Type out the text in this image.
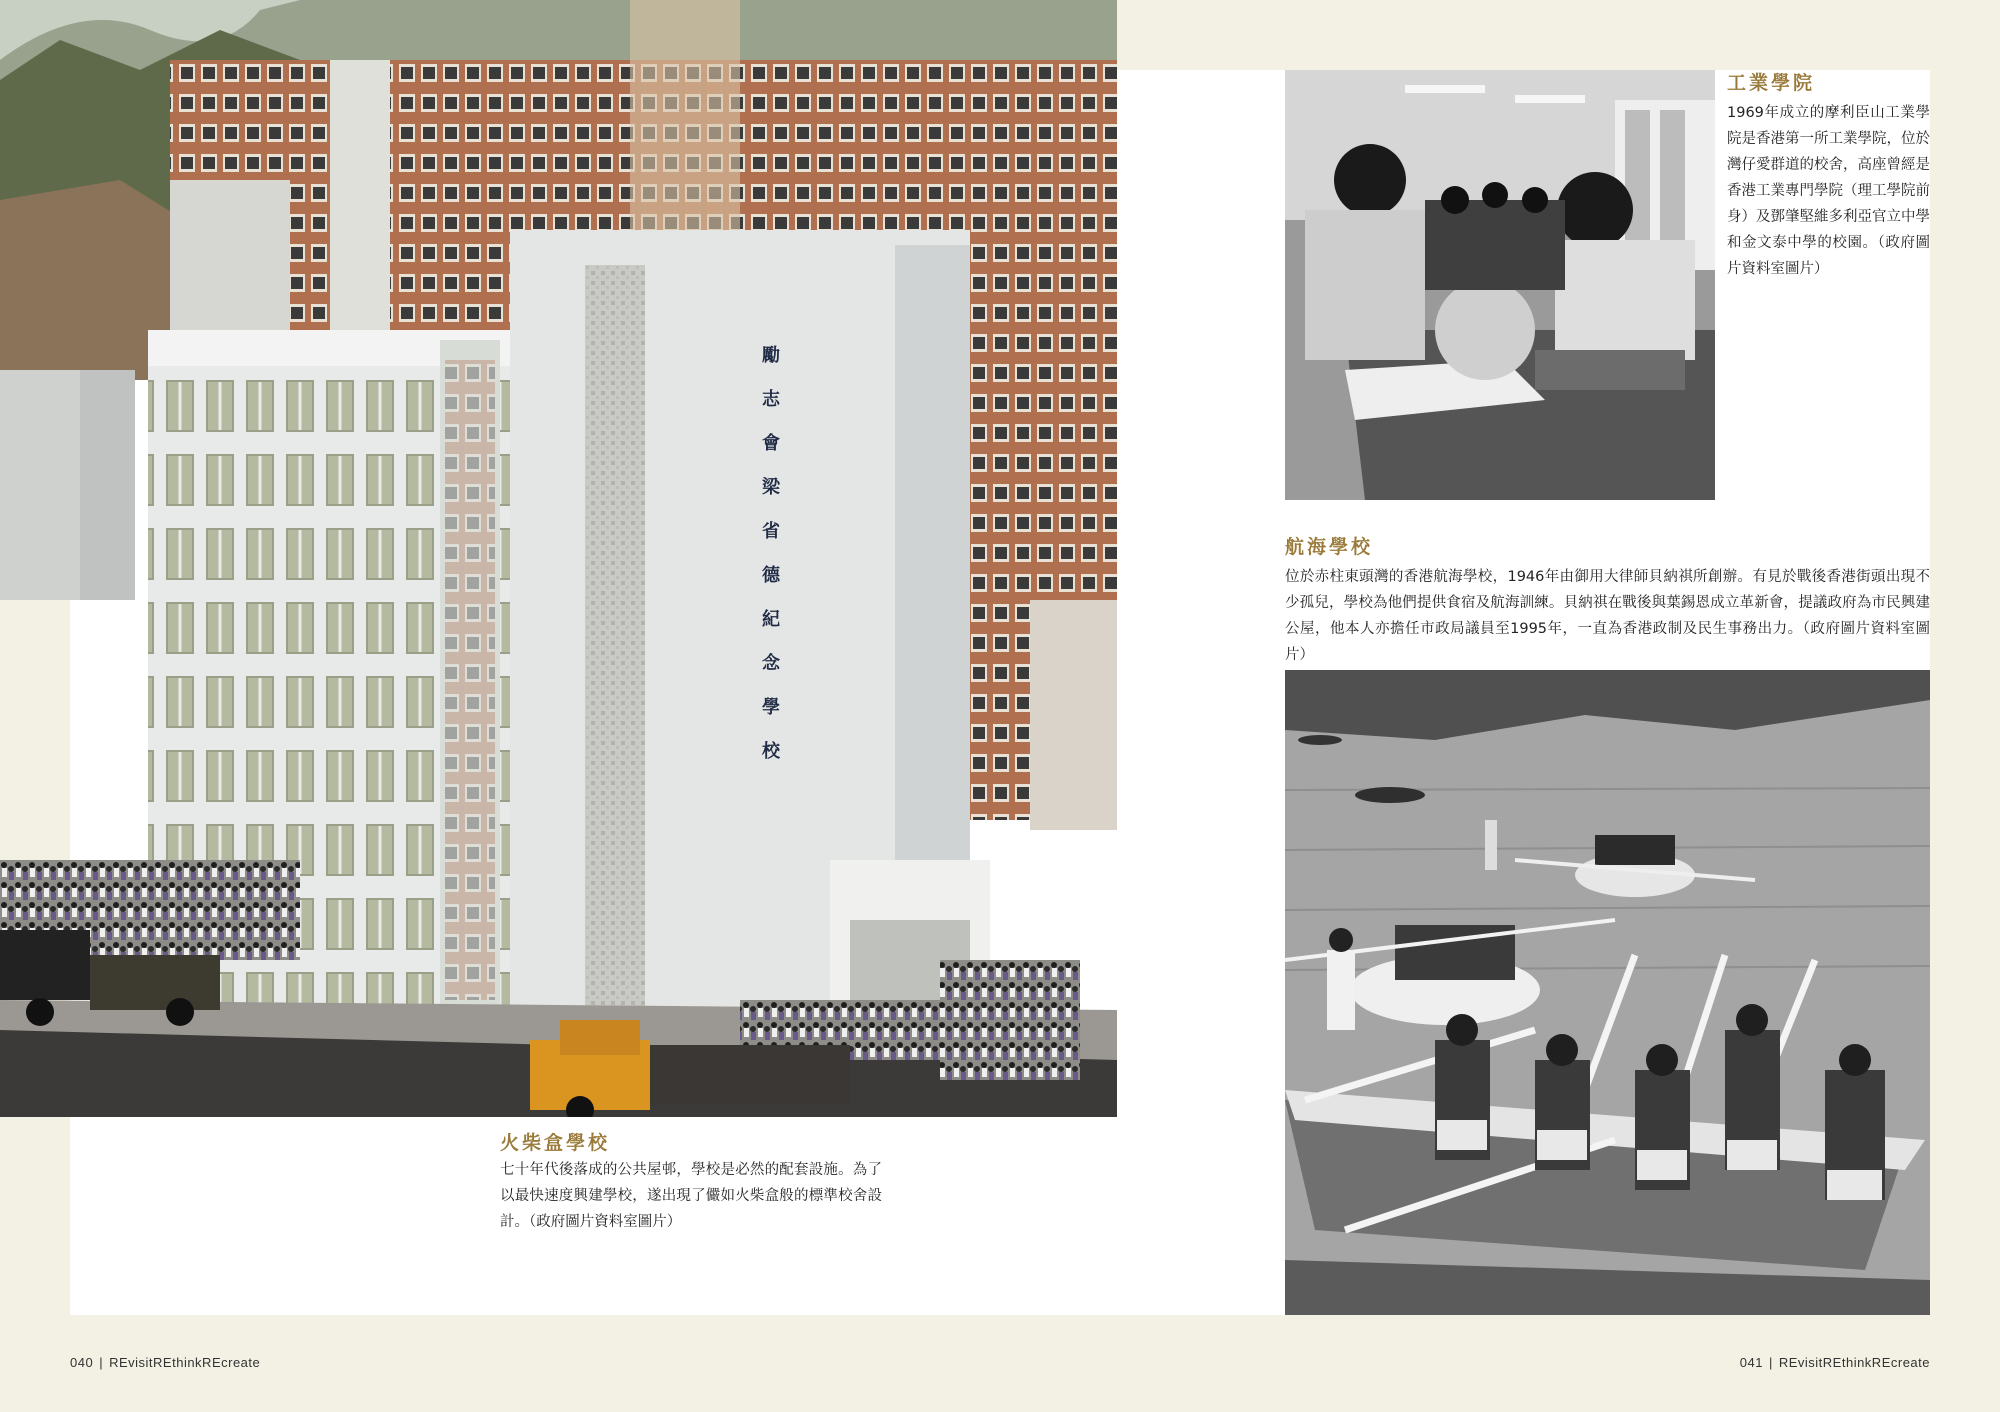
勵志會梁省德紀念學校
火柴盒學校
七十年代後落成的公共屋邨，學校是必然的配套設施。為了以最快速度興建學校，遂出現了儼如火柴盒般的標準校舍設計。（政府圖片資料室圖片）
工業學院
1969年成立的摩利臣山工業學院是香港第一所工業學院，位於灣仔愛群道的校舍，高座曾經是香港工業專門學院（理工學院前身）及鄧肇堅維多利亞官立中學和金文泰中學的校園。（政府圖片資料室圖片）
航海學校
位於赤柱東頭灣的香港航海學校，1946年由御用大律師貝納祺所創辦。有見於戰後香港街頭出現不少孤兒，學校為他們提供食宿及航海訓練。貝納祺在戰後與葉錫恩成立革新會，提議政府為市民興建公屋，他本人亦擔任市政局議員至1995年，一直為香港政制及民生事務出力。（政府圖片資料室圖片）
040 | REvisitREthinkREcreate	041 | REvisitREthinkREcreate
